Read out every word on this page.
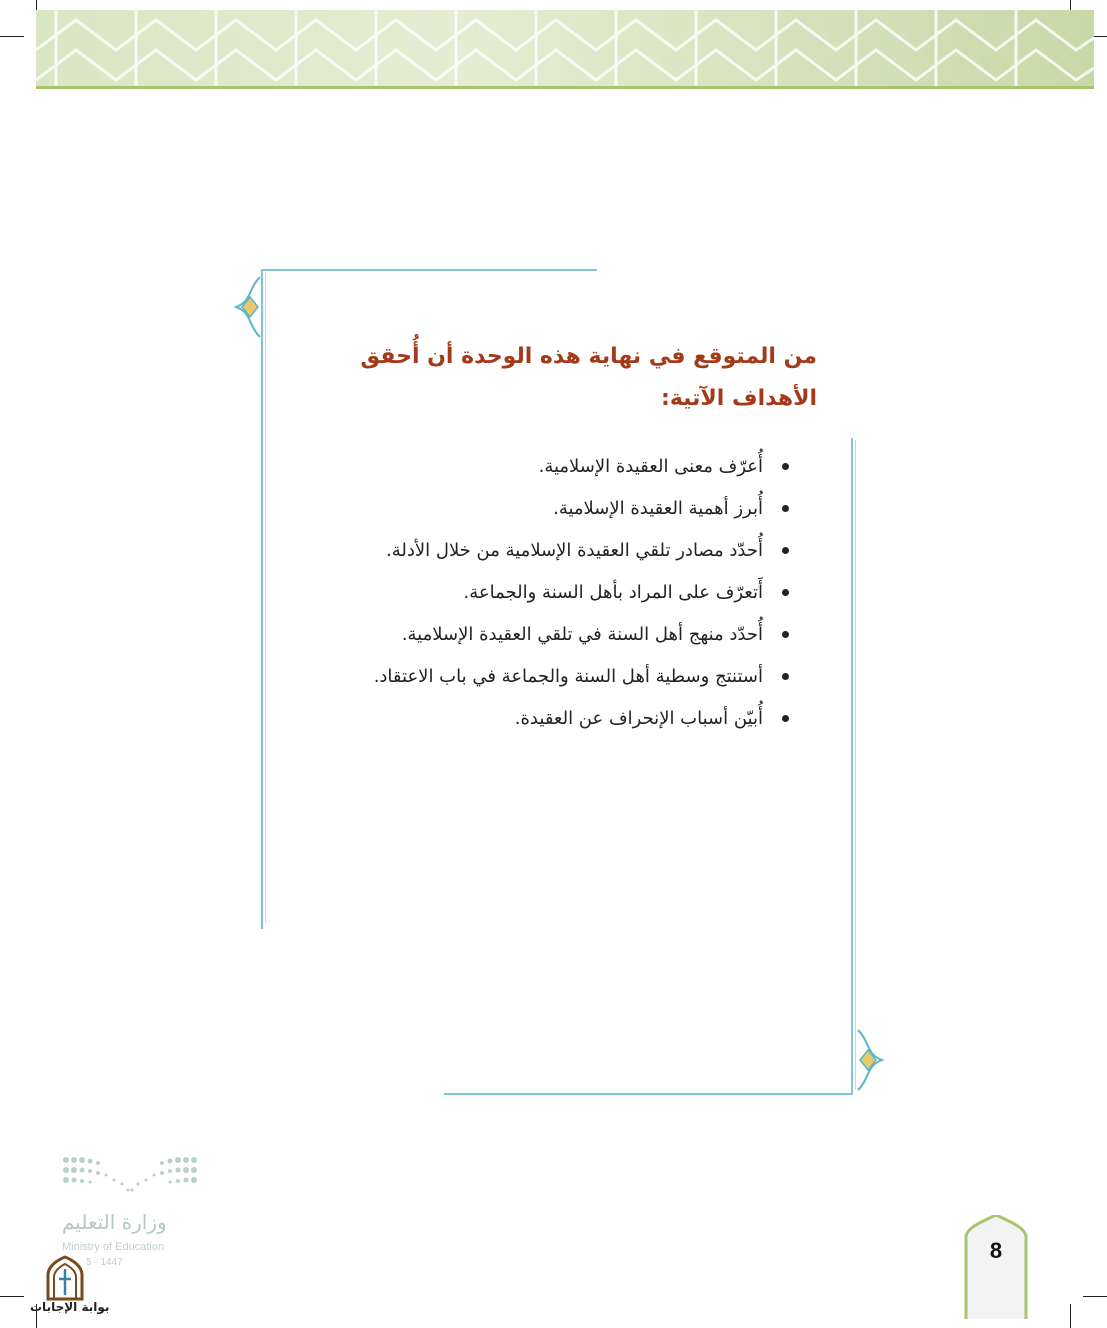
من المتوقع في نهاية هذه الوحدة أن أُحقق الأهداف الآتية:
أُعرّف معنى العقيدة الإسلامية.
أُبرز أهمية العقيدة الإسلامية.
أُحدّد مصادر تلقي العقيدة الإسلامية من خلال الأدلة.
أَتعرّف على المراد بأهل السنة والجماعة.
أُحدّد منهج أهل السنة في تلقي العقيدة الإسلامية.
أستنتج وسطية أهل السنة والجماعة في باب الاعتقاد.
أُبيّن أسباب الإنحراف عن العقيدة.
وزارة التعليم
Ministry of Education
5 - 1447
بوابة الإجابات
8
